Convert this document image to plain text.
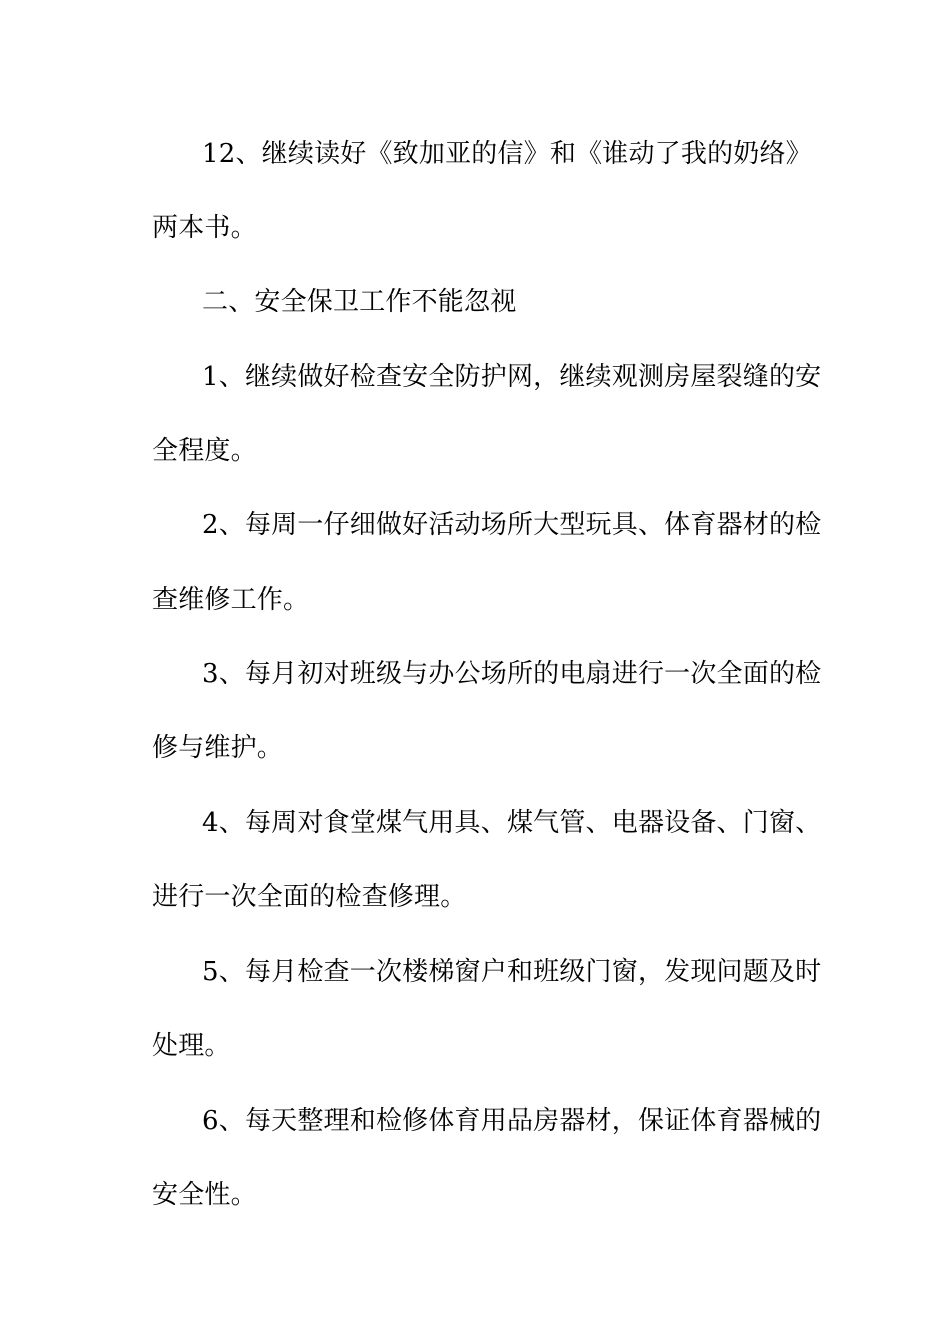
12、继续读好《致加亚的信》和《谁动了我的奶络》
两本书。
二、安全保卫工作不能忽视
1、继续做好检查安全防护网，继续观测房屋裂缝的安
全程度。
2、每周一仔细做好活动场所大型玩具、体育器材的检
查维修工作。
3、每月初对班级与办公场所的电扇进行一次全面的检
修与维护。
4、每周对食堂煤气用具、煤气管、电器设备、门窗、
进行一次全面的检查修理。
5、每月检查一次楼梯窗户和班级门窗，发现问题及时
处理。
6、每天整理和检修体育用品房器材，保证体育器械的
安全性。
